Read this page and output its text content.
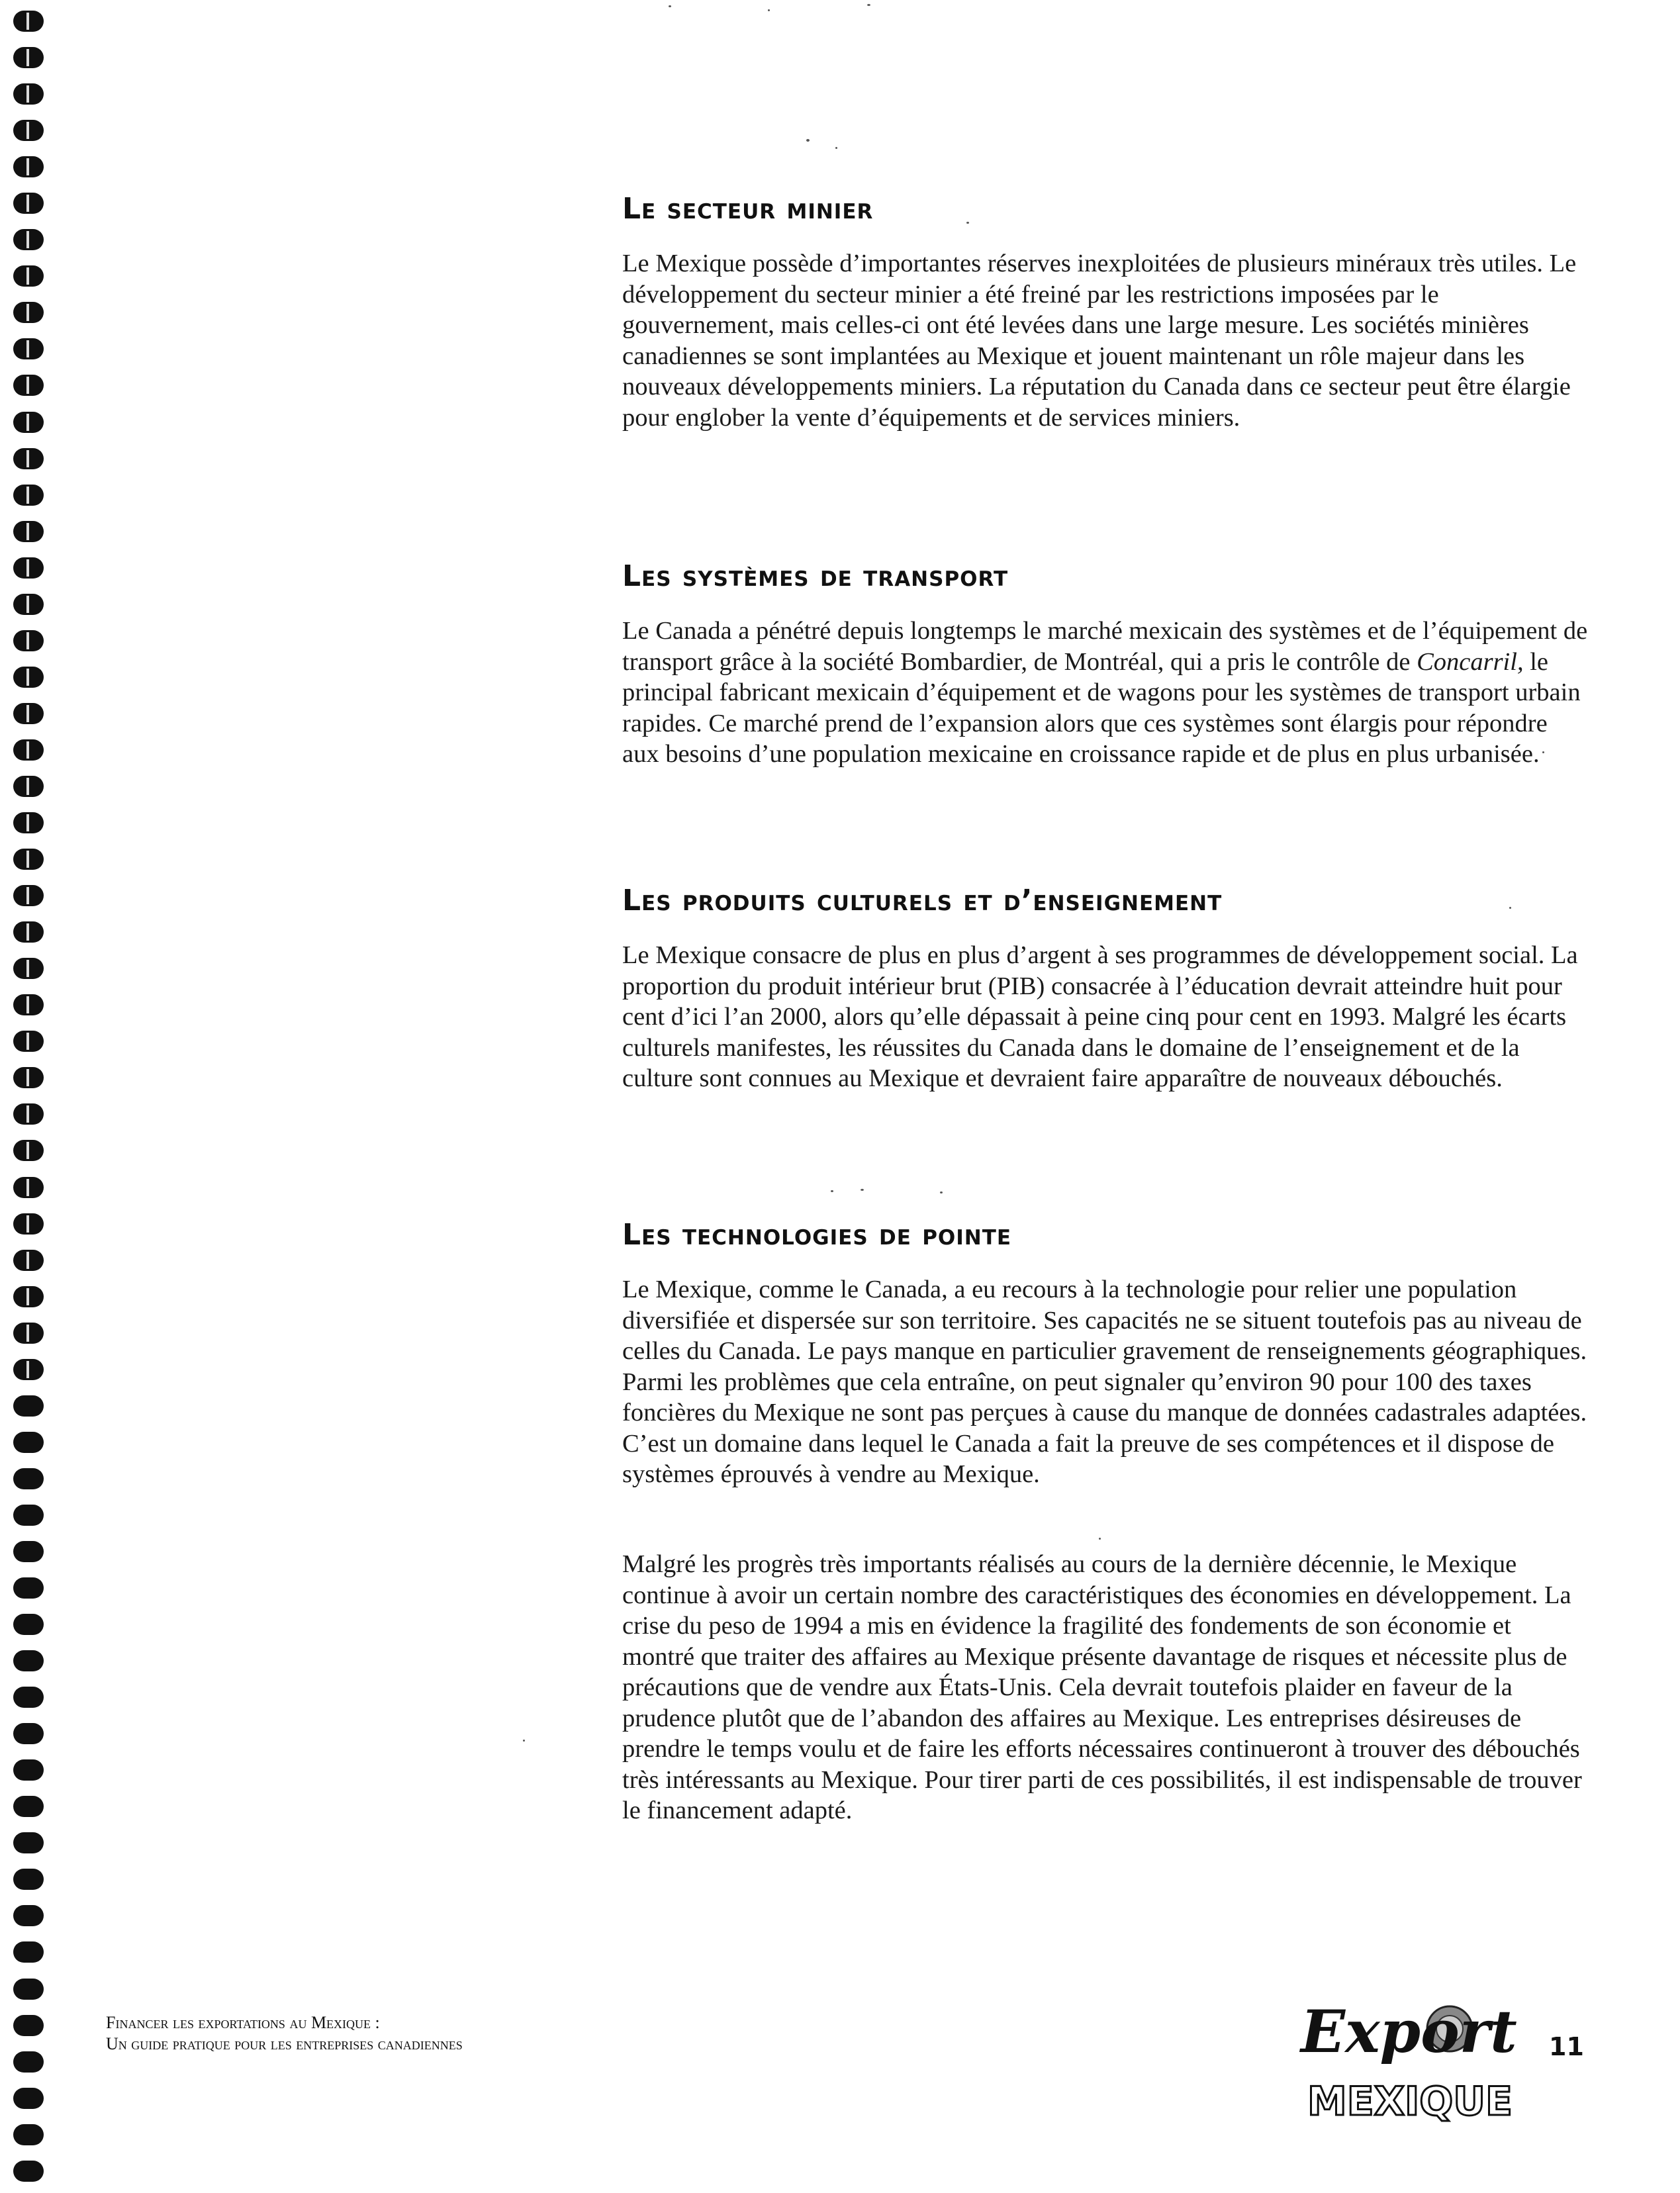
Le secteur minier

Le Mexique possède d’importantes réserves inexploitées de plusieurs minéraux très utiles. Le développement du secteur minier a été freiné par les restrictions imposées par le gouvernement, mais celles-ci ont été levées dans une large mesure. Les sociétés minières canadiennes se sont implantées au Mexique et jouent maintenant un rôle majeur dans les nouveaux développements miniers. La réputation du Canada dans ce secteur peut être élargie pour englober la vente d’équipements et de services miniers.

Les systèmes de transport

Le Canada a pénétré depuis longtemps le marché mexicain des systèmes et de l’équipement de transport grâce à la société Bombardier, de Montréal, qui a pris le contrôle de Concarril, le principal fabricant mexicain d’équipement et de wagons pour les systèmes de transport urbain rapides. Ce marché prend de l’expansion alors que ces systèmes sont élargis pour répondre aux besoins d’une population mexicaine en croissance rapide et de plus en plus urbanisée.

Les produits culturels et d’enseignement

Le Mexique consacre de plus en plus d’argent à ses programmes de développement social. La proportion du produit intérieur brut (PIB) consacrée à l’éducation devrait atteindre huit pour cent d’ici l’an 2000, alors qu’elle dépassait à peine cinq pour cent en 1993. Malgré les écarts culturels manifestes, les réussites du Canada dans le domaine de l’enseignement et de la culture sont connues au Mexique et devraient faire apparaître de nouveaux débouchés.

Les technologies de pointe

Le Mexique, comme le Canada, a eu recours à la technologie pour relier une population diversifiée et dispersée sur son territoire. Ses capacités ne se situent toutefois pas au niveau de celles du Canada. Le pays manque en particulier gravement de renseignements géographiques. Parmi les problèmes que cela entraîne, on peut signaler qu’environ 90 pour 100 des taxes foncières du Mexique ne sont pas perçues à cause du manque de données cadastrales adaptées. C’est un domaine dans lequel le Canada a fait la preuve de ses compétences et il dispose de systèmes éprouvés à vendre au Mexique.

Malgré les progrès très importants réalisés au cours de la dernière décennie, le Mexique continue à avoir un certain nombre des caractéristiques des économies en développement. La crise du peso de 1994 a mis en évidence la fragilité des fondements de son économie et montré que traiter des affaires au Mexique présente davantage de risques et nécessite plus de précautions que de vendre aux États-Unis. Cela devrait toutefois plaider en faveur de la prudence plutôt que de l’abandon des affaires au Mexique. Les entreprises désireuses de prendre le temps voulu et de faire les efforts nécessaires continueront à trouver des débouchés très intéressants au Mexique. Pour tirer parti de ces possibilités, il est indispensable de trouver le financement adapté.

Financer les exportations au Mexique :
Un guide pratique pour les entreprises canadiennes	Export
MEXIQUE
11
